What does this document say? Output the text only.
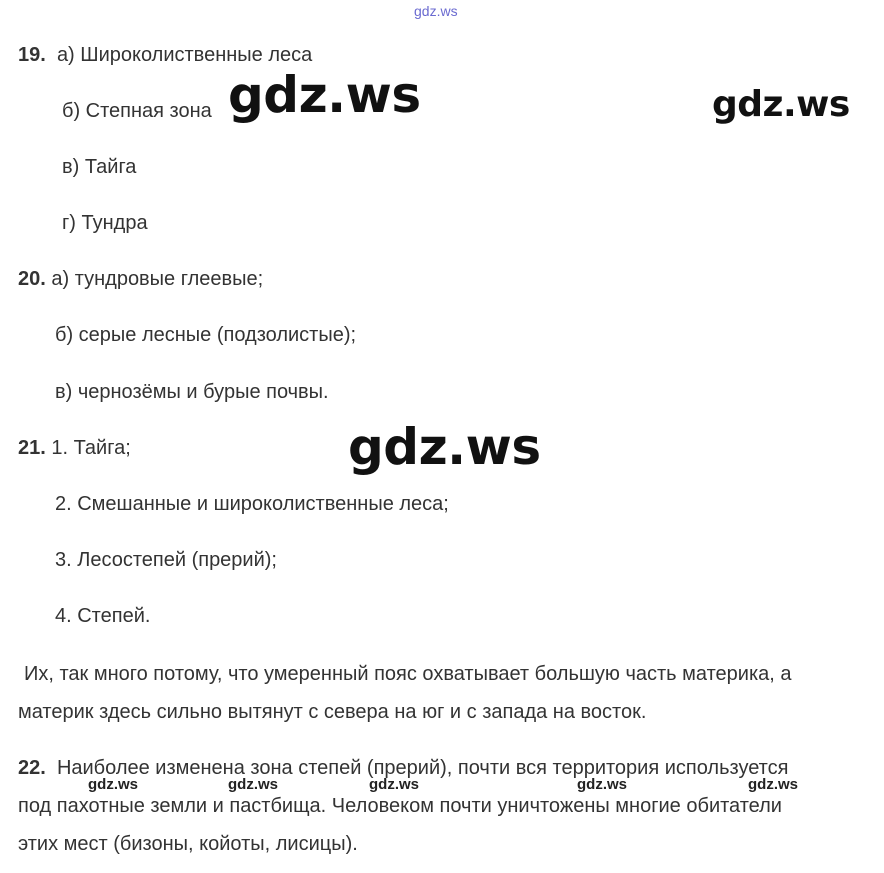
gdz.ws
19. а) Широколиственные леса
б) Степная зона
в) Тайга
г) Тундра
gdz.ws	gdz.ws
20. а) тундровые глеевые;
б) серые лесные (подзолистые);
в) чернозёмы и бурые почвы.
21. 1. Тайга;	gdz.ws
2. Смешанные и широколиственные леса;
3. Лесостепей (прерий);
4. Степей.
Их, так много потому, что умеренный пояс охватывает большую часть материка, а
материк здесь сильно вытянут с севера на юг и с запада на восток.
22. Наиболее изменена зона степей (прерий), почти вся территория используется
под пахотные земли и пастбища. Человеком почти уничтожены многие обитатели
этих мест (бизоны, койоты, лисицы).
gdz.ws	gdz.ws	gdz.ws	gdz.ws	gdz.ws
